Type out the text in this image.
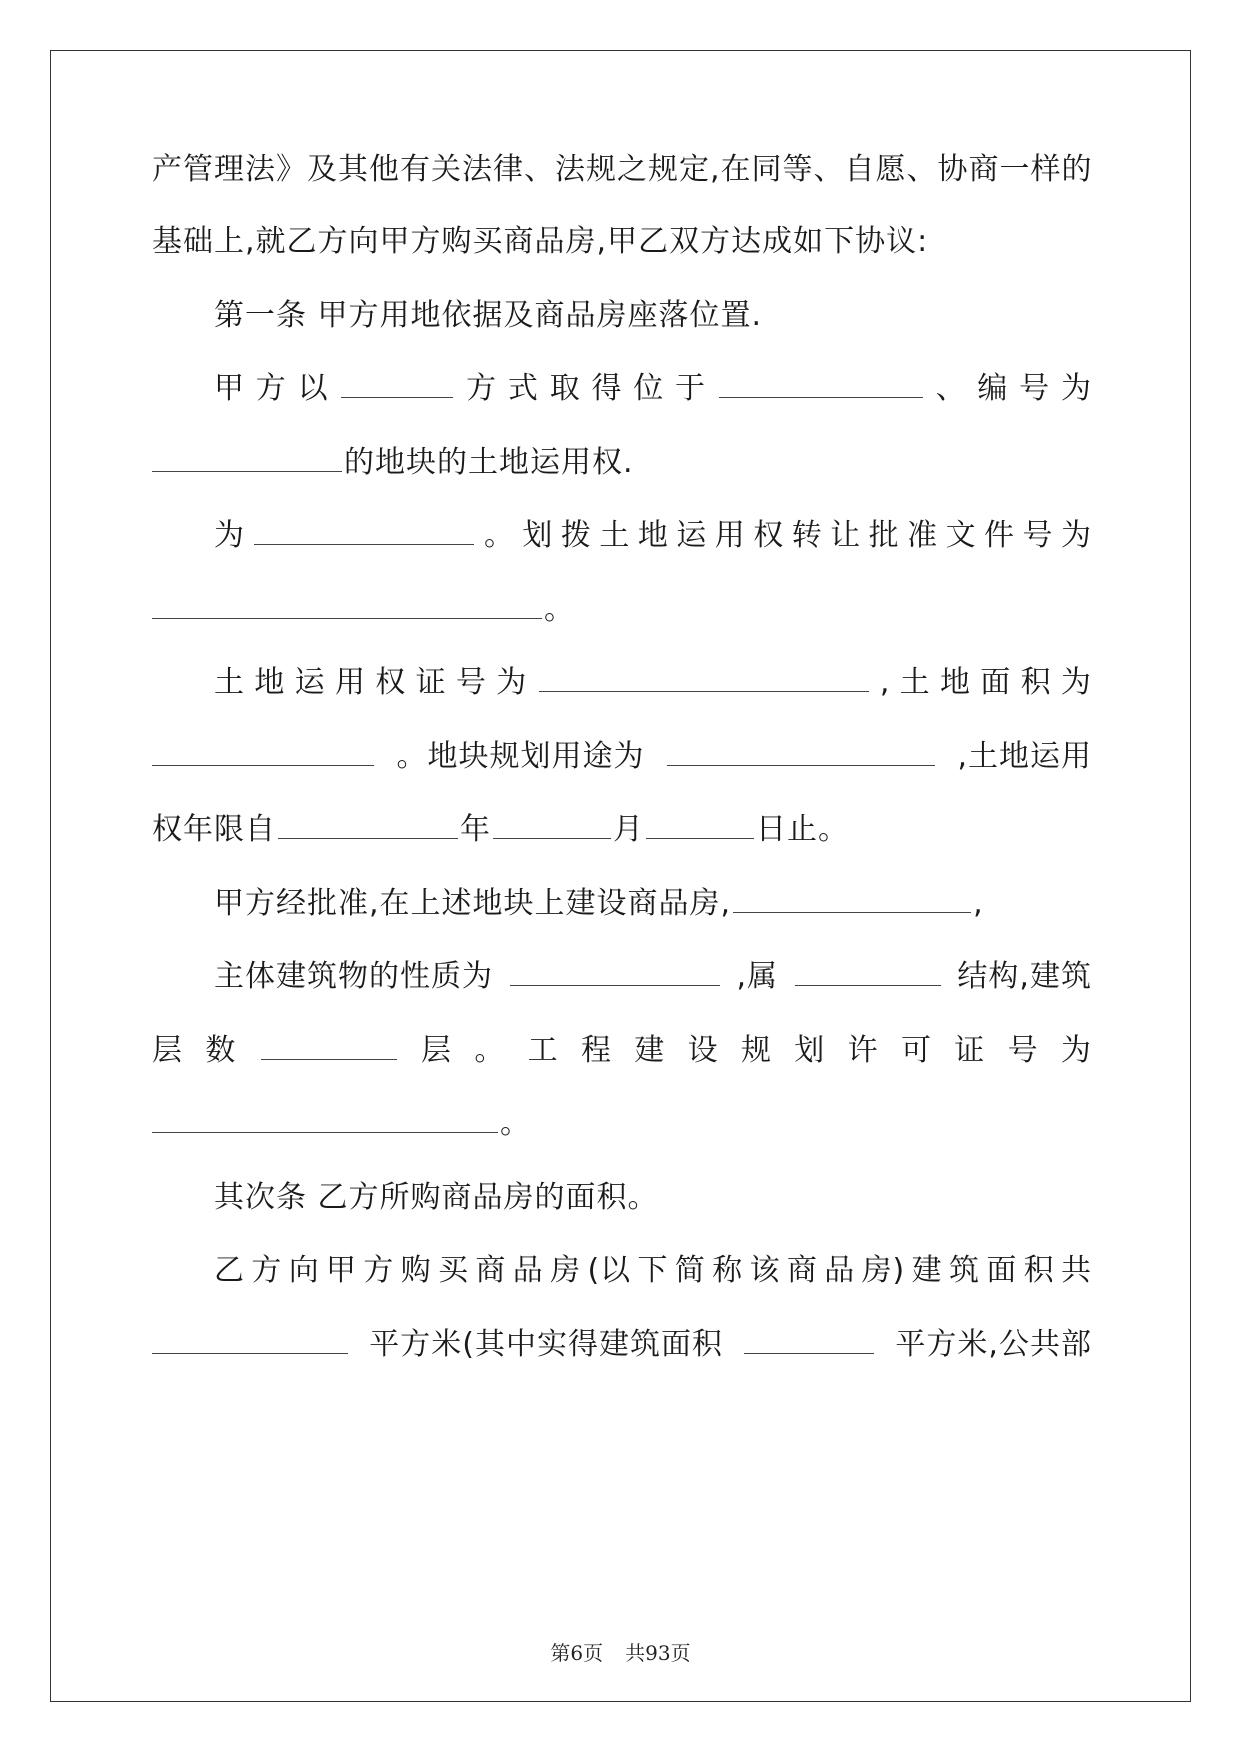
产管理法》及其他有关法律、法规之规定,在同等、自愿、协商一样的
基础上,就乙方向甲方购买商品房,甲乙双方达成如下协议:
第一条 甲方用地依据及商品房座落位置.
甲 方 以	方 式 取 得 位 于	、 编 号 为
的地块的土地运用权.
为	。 划 拨 土 地 运 用 权 转 让 批 准 文 件 号 为
。
土 地 运 用 权 证 号 为	, 土 地 面 积 为
。地块规划用途为	,土地运用
权年限自	年	月	日止。
甲方经批准,在上述地块上建设商品房,	,
主体建筑物的性质为	,属	结构,建筑
层 数	层 。 工 程 建 设 规 划 许 可 证 号 为
。
其次条 乙方所购商品房的面积。
乙 方 向 甲 方 购 买 商 品 房 (以 下 简 称 该 商 品 房) 建 筑 面 积 共
平方米(其中实得建筑面积	平方米,公共部
第6页 共93页
